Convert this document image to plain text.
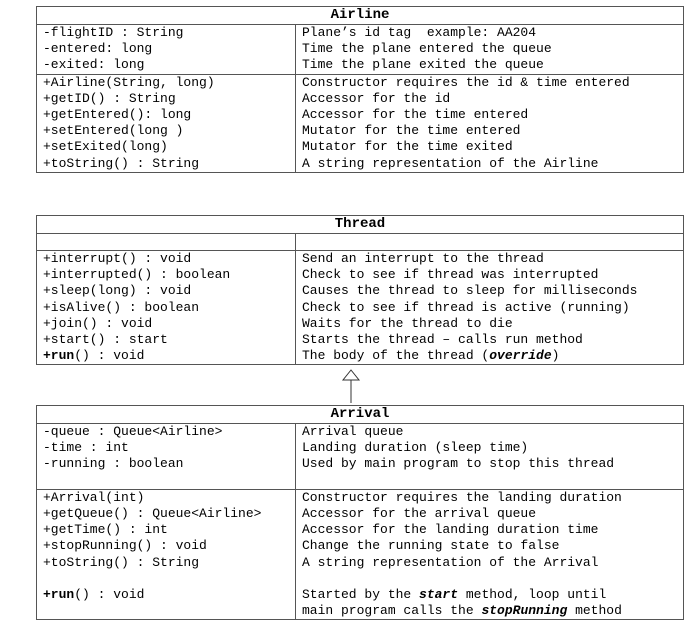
Airline
-flightID : String
-entered: long
-exited: long
Plane’s id tag  example: AA204
Time the plane entered the queue
Time the plane exited the queue
+Airline(String, long)
+getID() : String
+getEntered(): long
+setEntered(long )
+setExited(long)
+toString() : String
Constructor requires the id & time entered
Accessor for the id
Accessor for the time entered
Mutator for the time entered
Mutator for the time exited
A string representation of the Airline
Thread
+interrupt() : void
+interrupted() : boolean
+sleep(long) : void
+isAlive() : boolean
+join() : void
+start() : start
+run() : void
Send an interrupt to the thread
Check to see if thread was interrupted
Causes the thread to sleep for milliseconds
Check to see if thread is active (running)
Waits for the thread to die
Starts the thread – calls run method
The body of the thread (override)
Arrival
-queue : Queue<Airline>
-time : int
-running : boolean
Arrival queue
Landing duration (sleep time)
Used by main program to stop this thread
+Arrival(int)
+getQueue() : Queue<Airline>
+getTime() : int
+stopRunning() : void
+toString() : String
+run() : void
Constructor requires the landing duration
Accessor for the arrival queue
Accessor for the landing duration time
Change the running state to false
A string representation of the Arrival
Started by the start method, loop until
main program calls the stopRunning method
